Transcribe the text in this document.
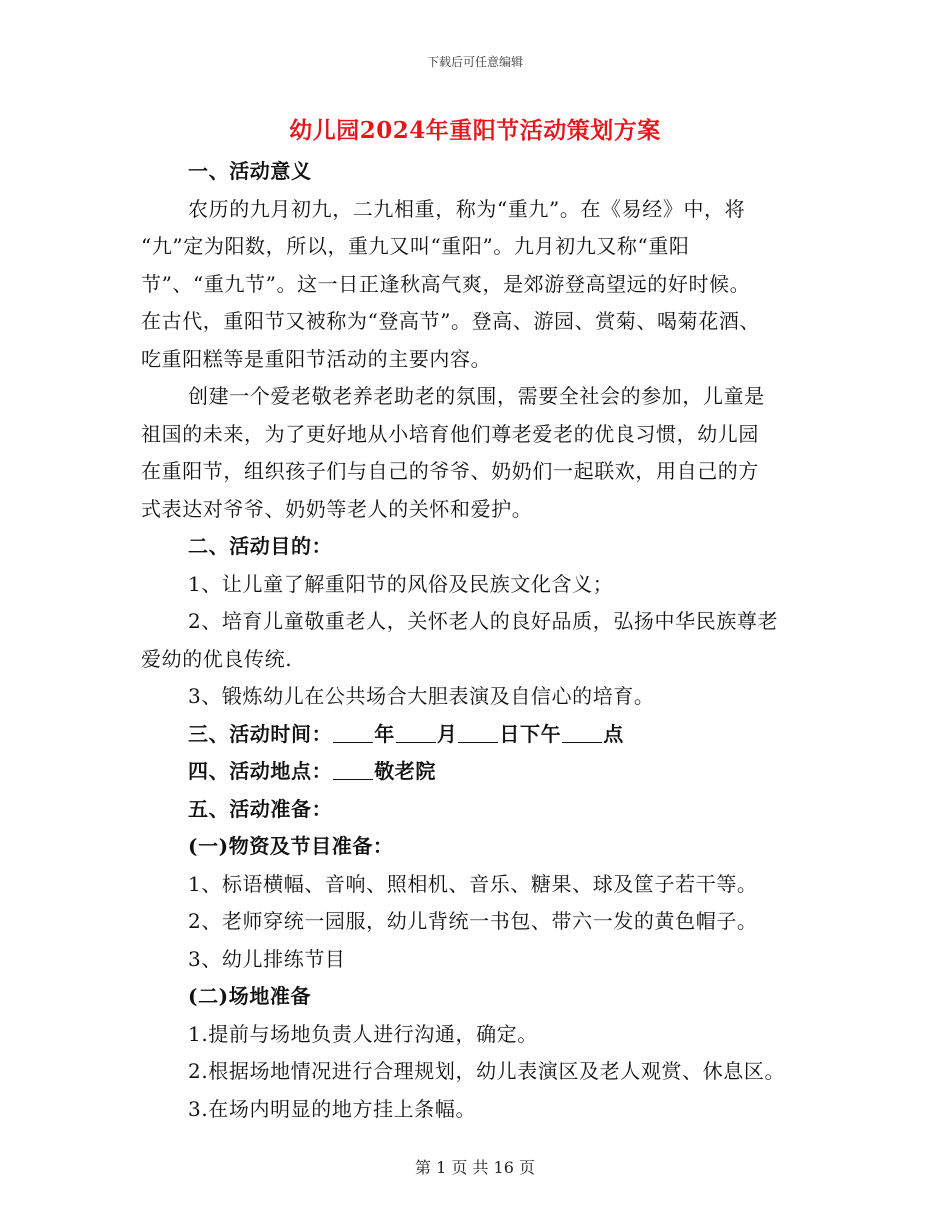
下载后可任意编辑
幼儿园2024年重阳节活动策划方案
一、活动意义
农历的九月初九，二九相重，称为“重九”。在《易经》中，将
“九”定为阳数，所以，重九又叫“重阳”。九月初九又称“重阳
节”、“重九节”。这一日正逢秋高气爽，是郊游登高望远的好时候。
在古代，重阳节又被称为“登高节”。登高、游园、赏菊、喝菊花酒、
吃重阳糕等是重阳节活动的主要内容。
创建一个爱老敬老养老助老的氛围，需要全社会的参加，儿童是
祖国的未来，为了更好地从小培育他们尊老爱老的优良习惯，幼儿园
在重阳节，组织孩子们与自己的爷爷、奶奶们一起联欢，用自己的方
式表达对爷爷、奶奶等老人的关怀和爱护。
二、活动目的：
1、让儿童了解重阳节的风俗及民族文化含义；
2、培育儿童敬重老人，关怀老人的良好品质，弘扬中华民族尊老
爱幼的优良传统.
3、锻炼幼儿在公共场合大胆表演及自信心的培育。
三、活动时间： 年 月 日下午 点
四、活动地点： 敬老院
五、活动准备：
(一)物资及节目准备：
1、标语横幅、音响、照相机、音乐、糖果、球及筐子若干等。
2、老师穿统一园服，幼儿背统一书包、带六一发的黄色帽子。
3、幼儿排练节目
(二)场地准备
1.提前与场地负责人进行沟通，确定。
2.根据场地情况进行合理规划，幼儿表演区及老人观赏、休息区。
3.在场内明显的地方挂上条幅。
第 1 页 共 16 页
